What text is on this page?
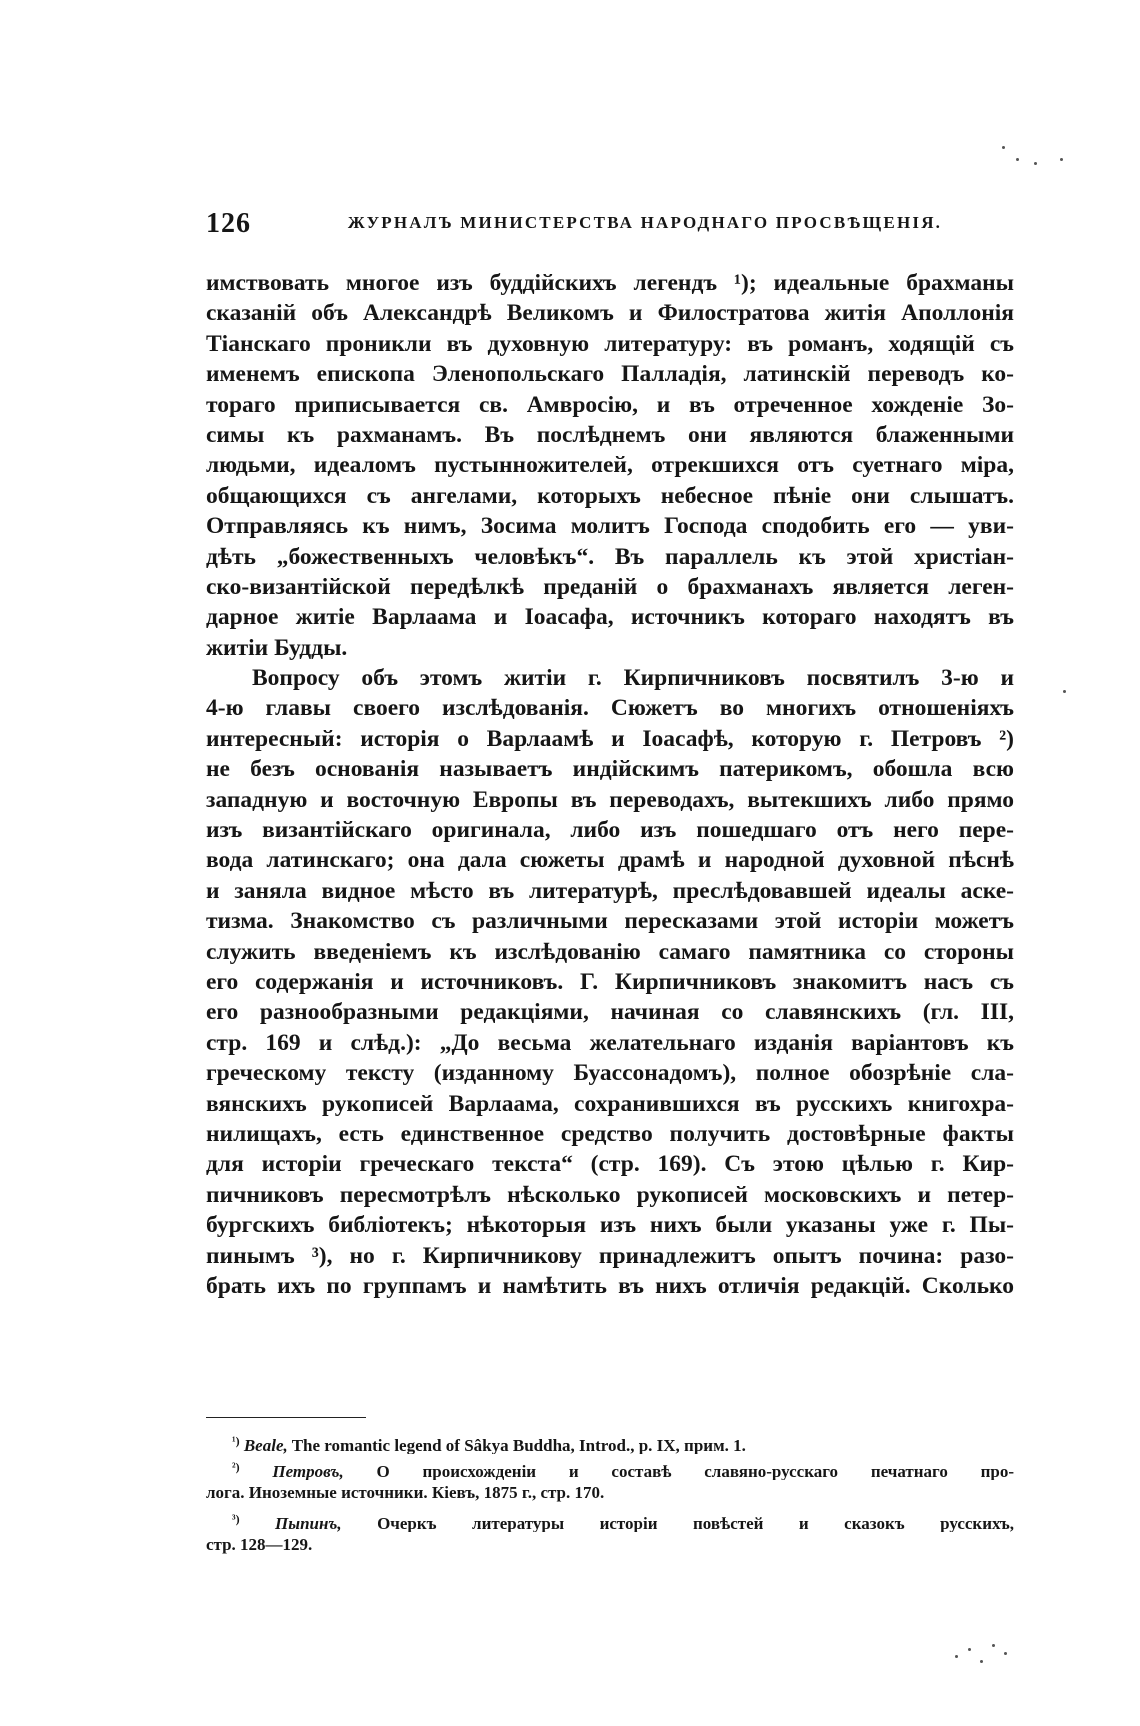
126	ЖУРНАЛЪ МИНИСТЕРСТВА НАРОДНАГО ПРОСВѢЩЕНІЯ.

имствовать многое изъ буддійскихъ легендъ ¹); идеальные брахманы

сказаній объ Александрѣ Великомъ и Филостратова житія Аполлонія

Тіанскаго проникли въ духовную литературу: въ романъ, ходящій съ

именемъ епископа Эленопольскаго Палладія, латинскій переводъ ко-

тораго приписывается св. Амвросію, и въ отреченное хожденіе Зо-

симы къ рахманамъ. Въ послѣднемъ они являются блаженными

людьми, идеаломъ пустынножителей, отрекшихся отъ суетнаго міра,

общающихся съ ангелами, которыхъ небесное пѣніе они слышатъ.

Отправляясь къ нимъ, Зосима молитъ Господа сподобить его — уви-

дѣть „божественныхъ человѣкъ“. Въ параллель къ этой христіан-

ско-византійской передѣлкѣ преданій о брахманахъ является леген-

дарное житіе Варлаама и Іоасафа, источникъ котораго находятъ въ

житіи Будды.

Вопросу объ этомъ житіи г. Кирпичниковъ посвятилъ 3-ю и

4-ю главы своего изслѣдованія. Сюжетъ во многихъ отношеніяхъ

интересный: исторія о Варлаамѣ и Іоасафѣ, которую г. Петровъ ²)

не безъ основанія называетъ индійскимъ патерикомъ, обошла всю

западную и восточную Европы въ переводахъ, вытекшихъ либо прямо

изъ византійскаго оригинала, либо изъ пошедшаго отъ него пере-

вода латинскаго; она дала сюжеты драмѣ и народной духовной пѣснѣ

и заняла видное мѣсто въ литературѣ, преслѣдовавшей идеалы аске-

тизма. Знакомство съ различными пересказами этой исторіи можетъ

служить введеніемъ къ изслѣдованію самаго памятника со стороны

его содержанія и источниковъ. Г. Кирпичниковъ знакомитъ насъ съ

его разнообразными редакціями, начиная со славянскихъ (гл. III,

стр. 169 и слѣд.): „До весьма желательнаго изданія варіантовъ къ

греческому тексту (изданному Буассонадомъ), полное обозрѣніе сла-

вянскихъ рукописей Варлаама, сохранившихся въ русскихъ книгохра-

нилищахъ, есть единственное средство получить достовѣрные факты

для исторіи греческаго текста“ (стр. 169). Съ этою цѣлью г. Кир-

пичниковъ пересмотрѣлъ нѣсколько рукописей московскихъ и петер-

бургскихъ библіотекъ; нѣкоторыя изъ нихъ были указаны уже г. Пы-

пинымъ ³), но г. Кирпичникову принадлежитъ опытъ почина: разо-

брать ихъ по группамъ и намѣтить въ нихъ отличія редакцій. Сколько

$^{^1)}$ Beale, The romantic legend of Sâkya Buddha, Introd., p. IX, прим. 1.
$^{^2)}$ Петровъ, О происхожденіи и составѣ славяно-русскаго печатнаго про-
лога. Иноземные источники. Кіевъ, 1875 г., стр. 170.
$^{^3)}$ Пыпинъ, Очеркъ литературы исторіи повѣстей и сказокъ русскихъ,
стр. 128—129.
